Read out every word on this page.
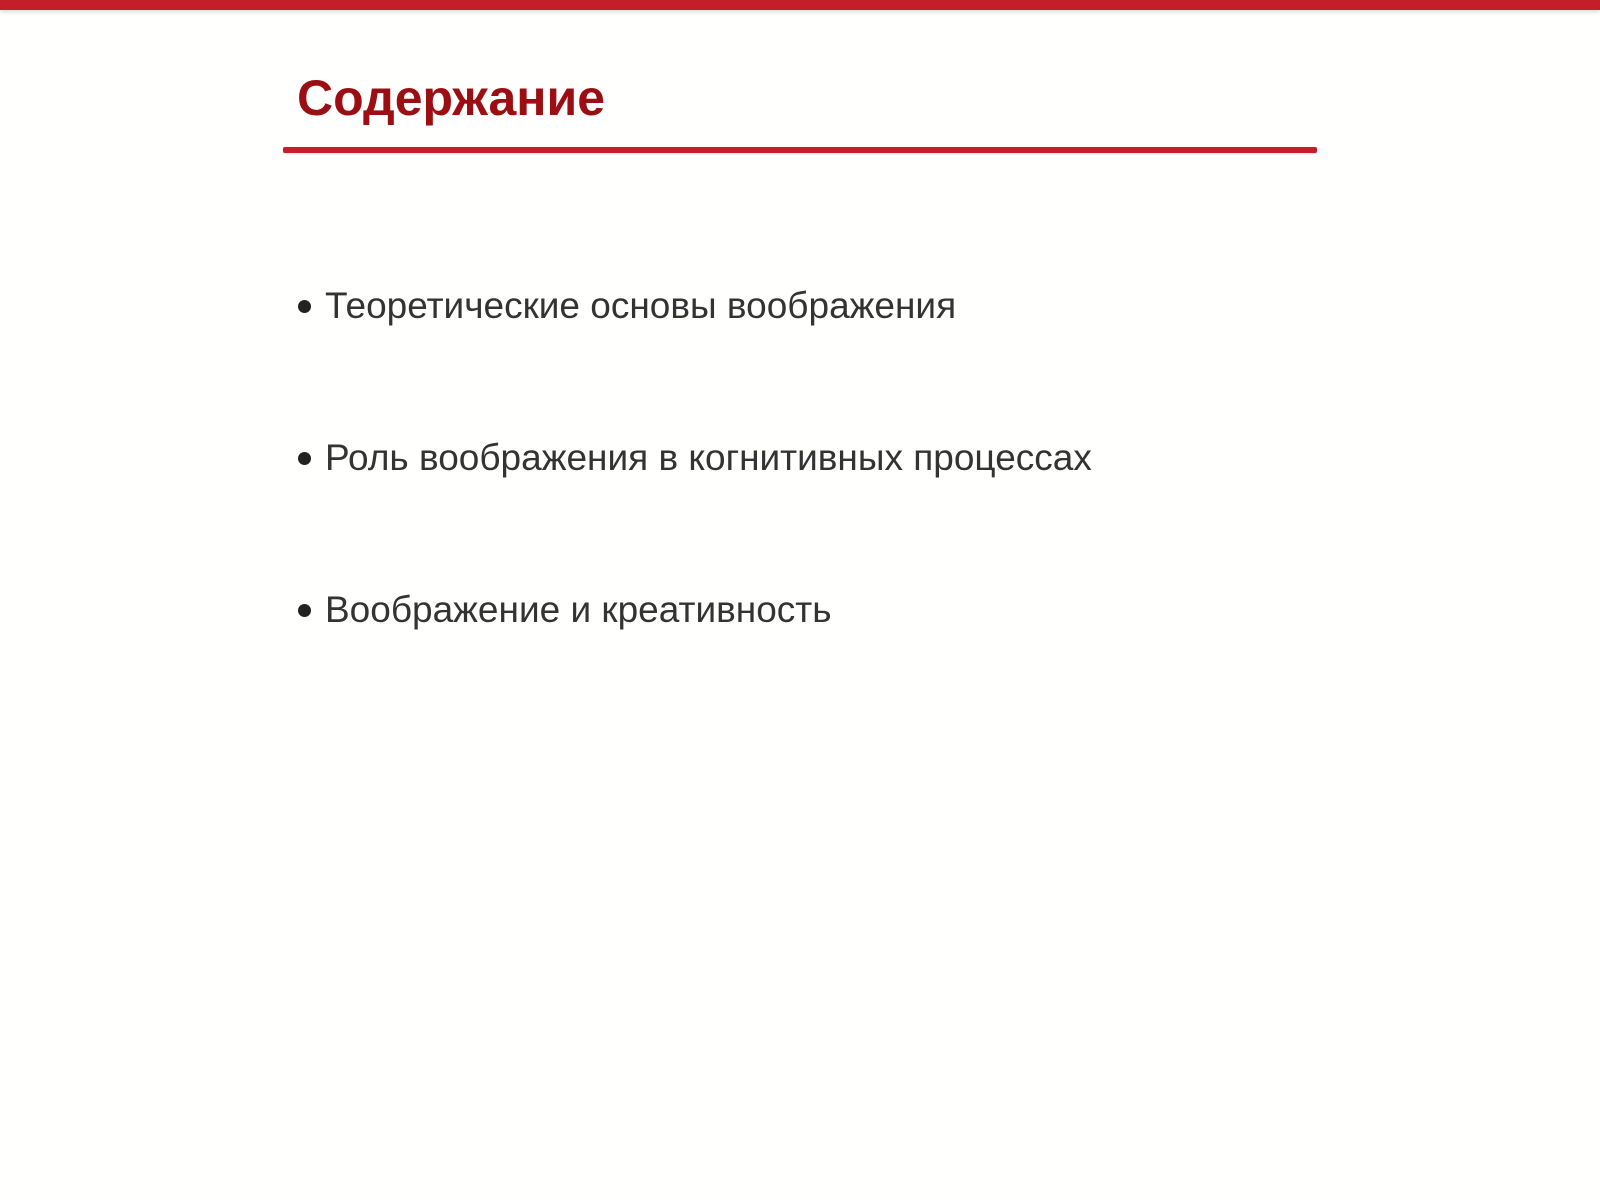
Содержание
Теоретические основы воображения
Роль воображения в когнитивных процессах
Воображение и креативность
